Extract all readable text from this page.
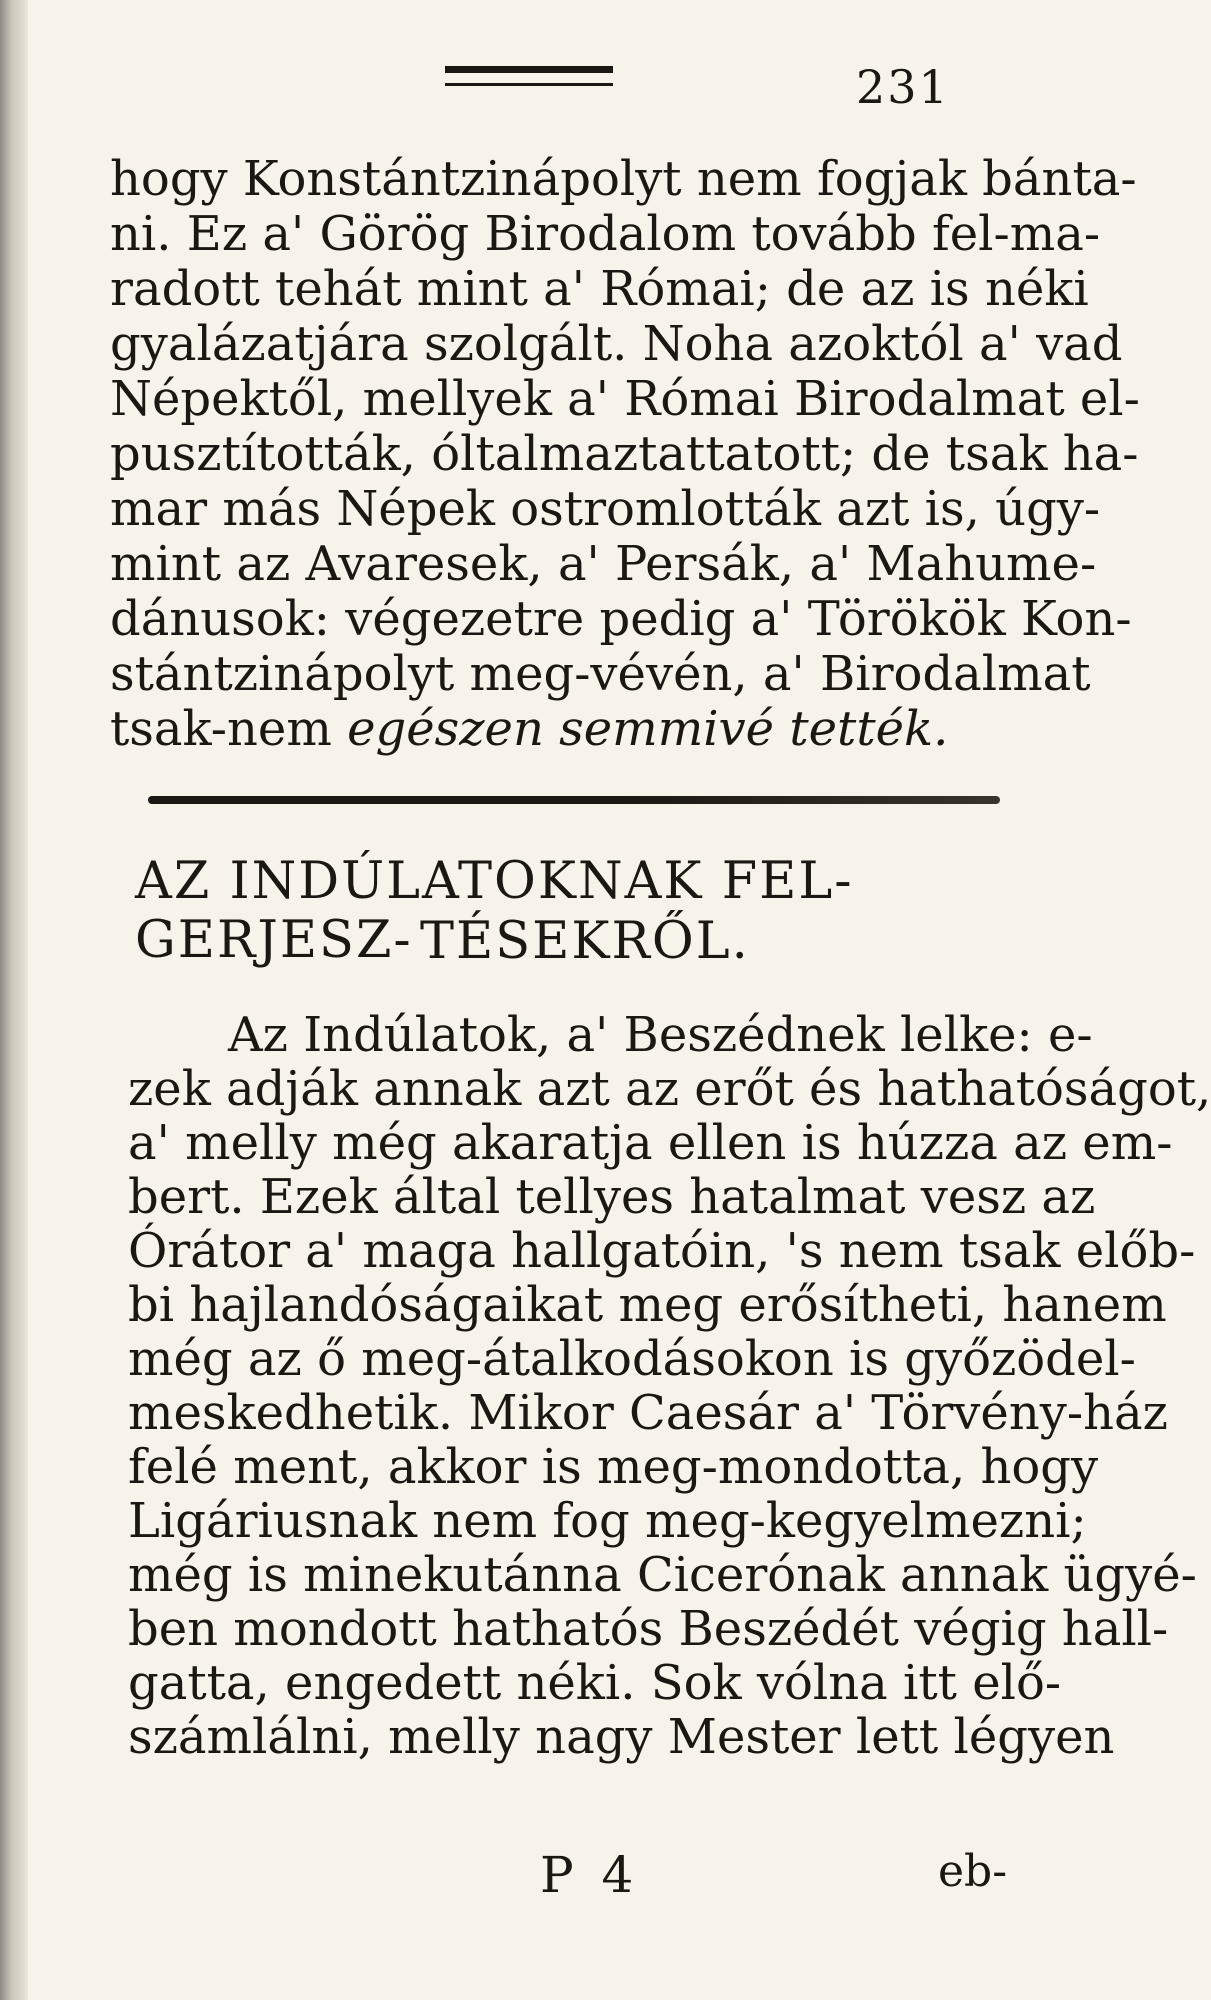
231
hogy Konstántzinápolyt nem fogjak bánta-
ni. Ez a' Görög Birodalom tovább fel-ma-
radott tehát mint a' Római; de az is néki
gyalázatjára szolgált. Noha azoktól a' vad
Népektől, mellyek a' Római Birodalmat el-
pusztították, óltalmaztattatott; de tsak ha-
mar más Népek ostromlották azt is, úgy-
mint az Avaresek, a' Persák, a' Mahume-
dánusok: végezetre pedig a' Törökök Kon-
stántzinápolyt meg-vévén, a' Birodalmat
tsak-nem egészen semmivé tették.
AZ INDÚLATOKNAK FEL-GERJESZ- TÉSEKRŐL.
Az Indúlatok, a' Beszédnek lelke: e-
zek adják annak azt az erőt és hathatóságot,
a' melly még akaratja ellen is húzza az em-
bert. Ezek által tellyes hatalmat vesz az
Órátor a' maga hallgatóin, 's nem tsak előb-
bi hajlandóságaikat meg erősítheti, hanem
még az ő meg-átalkodásokon is győzödel-
meskedhetik. Mikor Caesár a' Törvény-ház
felé ment, akkor is meg-mondotta, hogy
Ligáriusnak nem fog meg-kegyelmezni;
még is minekutánna Cicerónak annak ügyé-
ben mondott hathatós Beszédét végig hall-
gatta, engedett néki. Sok vólna itt elő-
számlálni, melly nagy Mester lett légyen
P 4	eb-
